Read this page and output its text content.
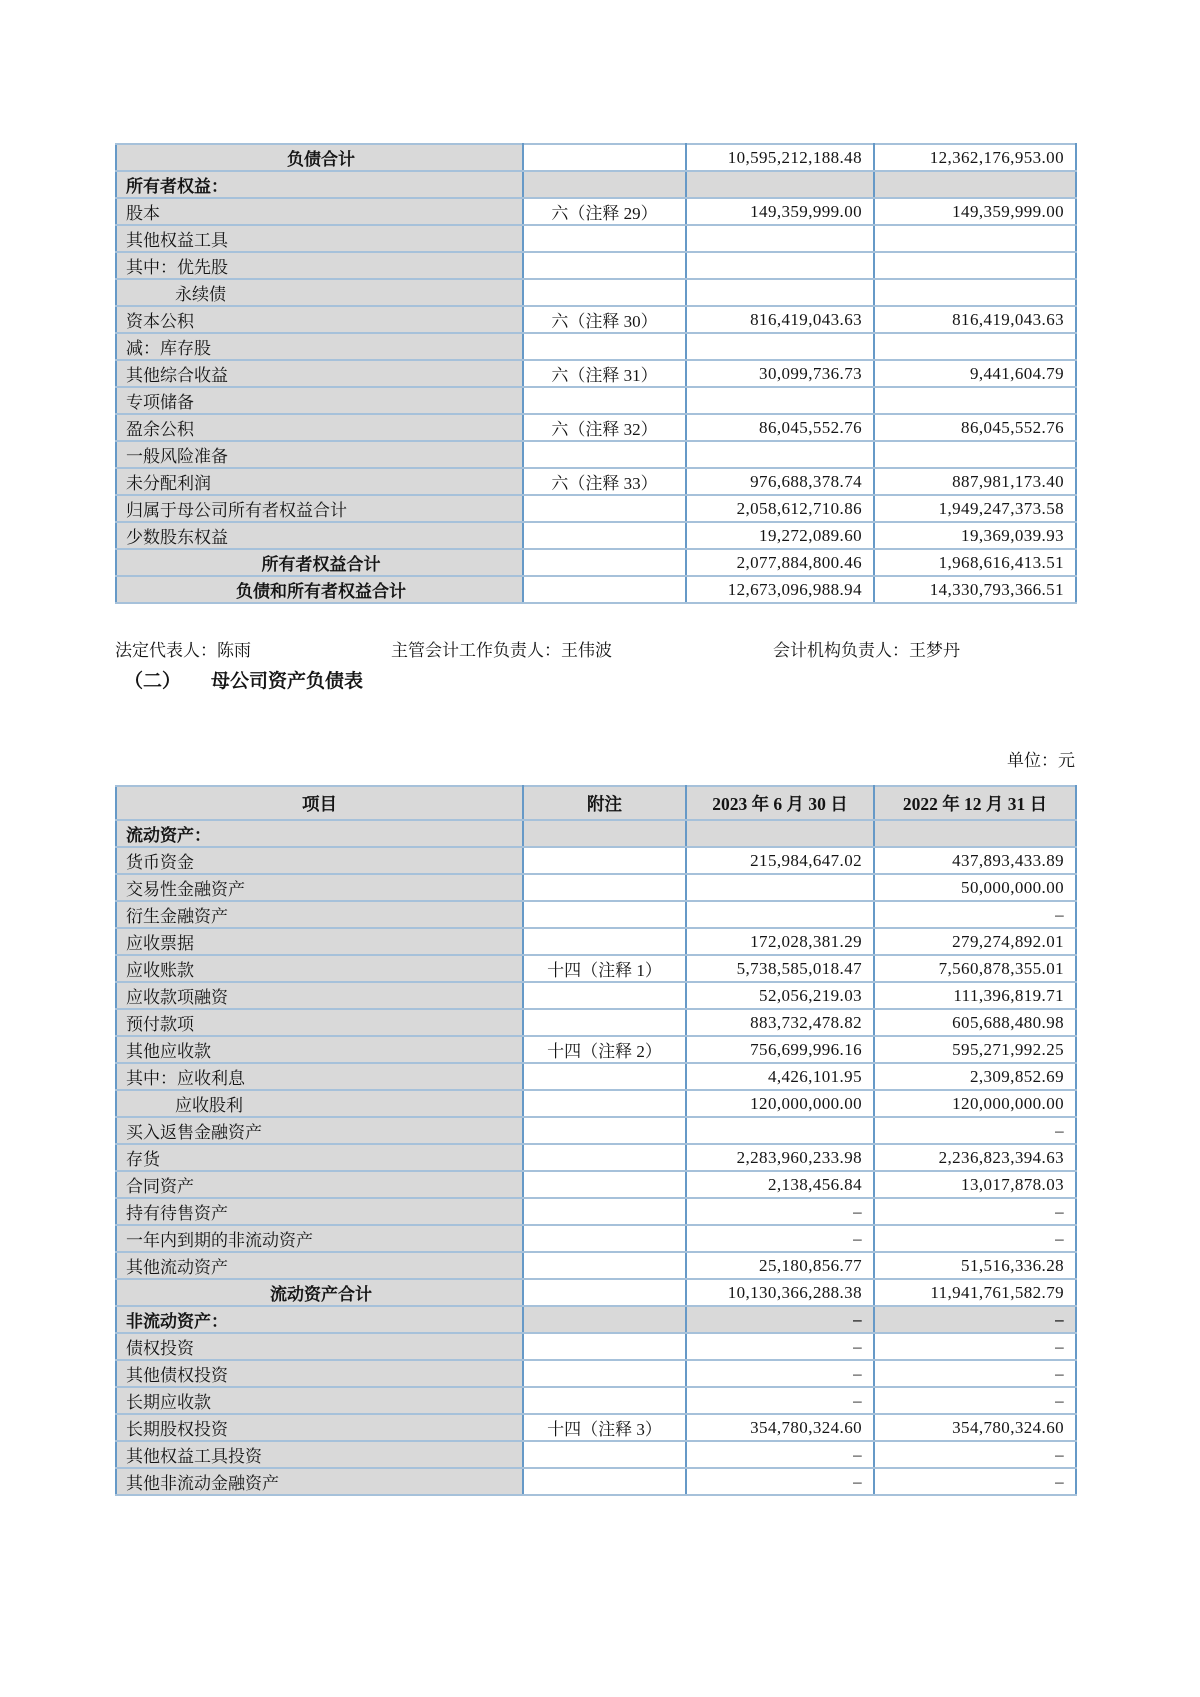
负债合计		10,595,212,188.48	12,362,176,953.00
所有者权益：			
股本	六（注释 29）	149,359,999.00	149,359,999.00
其他权益工具			
其中：优先股			
永续债			
资本公积	六（注释 30）	816,419,043.63	816,419,043.63
减：库存股			
其他综合收益	六（注释 31）	30,099,736.73	9,441,604.79
专项储备			
盈余公积	六（注释 32）	86,045,552.76	86,045,552.76
一般风险准备			
未分配利润	六（注释 33）	976,688,378.74	887,981,173.40
归属于母公司所有者权益合计		2,058,612,710.86	1,949,247,373.58
少数股东权益		19,272,089.60	19,369,039.93
所有者权益合计		2,077,884,800.46	1,968,616,413.51
负债和所有者权益合计		12,673,096,988.94	14,330,793,366.51
法定代表人：陈雨	主管会计工作负责人：王伟波	会计机构负责人：王梦丹
（二） 母公司资产负债表
单位：元
项目	附注	2023 年 6 月 30 日	2022 年 12 月 31 日
流动资产：			
货币资金		215,984,647.02	437,893,433.89
交易性金融资产			50,000,000.00
衍生金融资产			–
应收票据		172,028,381.29	279,274,892.01
应收账款	十四（注释 1）	5,738,585,018.47	7,560,878,355.01
应收款项融资		52,056,219.03	111,396,819.71
预付款项		883,732,478.82	605,688,480.98
其他应收款	十四（注释 2）	756,699,996.16	595,271,992.25
其中：应收利息		4,426,101.95	2,309,852.69
应收股利		120,000,000.00	120,000,000.00
买入返售金融资产			–
存货		2,283,960,233.98	2,236,823,394.63
合同资产		2,138,456.84	13,017,878.03
持有待售资产		–	–
一年内到期的非流动资产		–	–
其他流动资产		25,180,856.77	51,516,336.28
流动资产合计		10,130,366,288.38	11,941,761,582.79
非流动资产：		–	–
债权投资		–	–
其他债权投资		–	–
长期应收款		–	–
长期股权投资	十四（注释 3）	354,780,324.60	354,780,324.60
其他权益工具投资		–	–
其他非流动金融资产		–	–
